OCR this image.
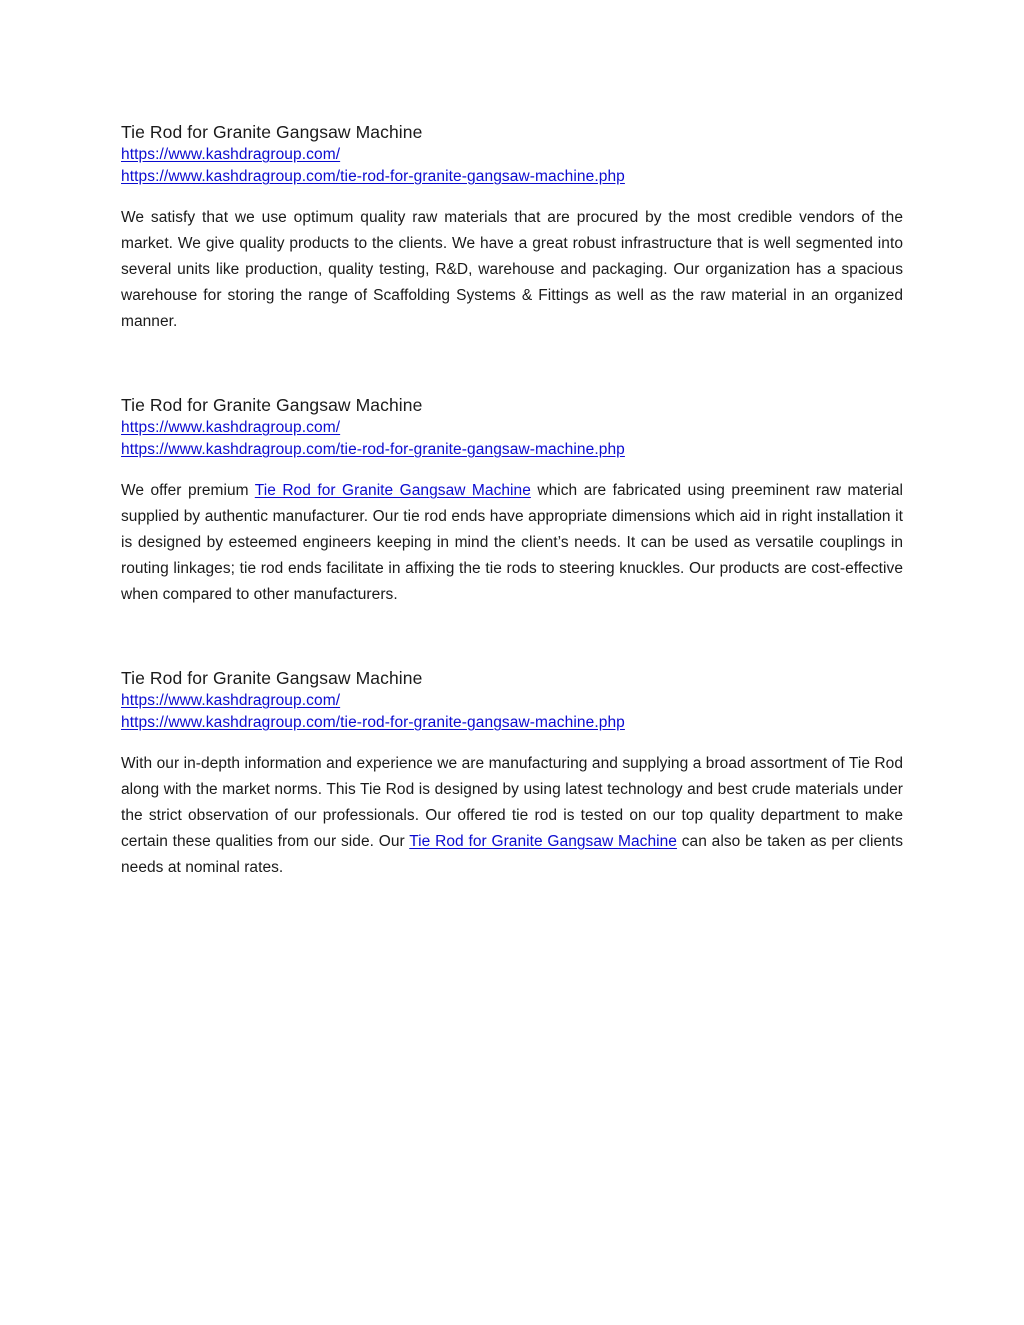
Tie Rod for Granite Gangsaw Machine

https://www.kashdragroup.com/
https://www.kashdragroup.com/tie-rod-for-granite-gangsaw-machine.php

We satisfy that we use optimum quality raw materials that are procured by the most credible vendors of the market. We give quality products to the clients. We have a great robust infrastructure that is well segmented into several units like production, quality testing, R&D, warehouse and packaging. Our organization has a spacious warehouse for storing the range of Scaffolding Systems & Fittings as well as the raw material in an organized manner.

Tie Rod for Granite Gangsaw Machine

https://www.kashdragroup.com/
https://www.kashdragroup.com/tie-rod-for-granite-gangsaw-machine.php

We offer premium Tie Rod for Granite Gangsaw Machine which are fabricated using preeminent raw material supplied by authentic manufacturer. Our tie rod ends have appropriate dimensions which aid in right installation it is designed by esteemed engineers keeping in mind the client’s needs. It can be used as versatile couplings in routing linkages; tie rod ends facilitate in affixing the tie rods to steering knuckles. Our products are cost-effective when compared to other manufacturers.

Tie Rod for Granite Gangsaw Machine

https://www.kashdragroup.com/
https://www.kashdragroup.com/tie-rod-for-granite-gangsaw-machine.php

With our in-depth information and experience we are manufacturing and supplying a broad assortment of Tie Rod along with the market norms. This Tie Rod is designed by using latest technology and best crude materials under the strict observation of our professionals. Our offered tie rod is tested on our top quality department to make certain these qualities from our side. Our Tie Rod for Granite Gangsaw Machine can also be taken as per clients needs at nominal rates.
